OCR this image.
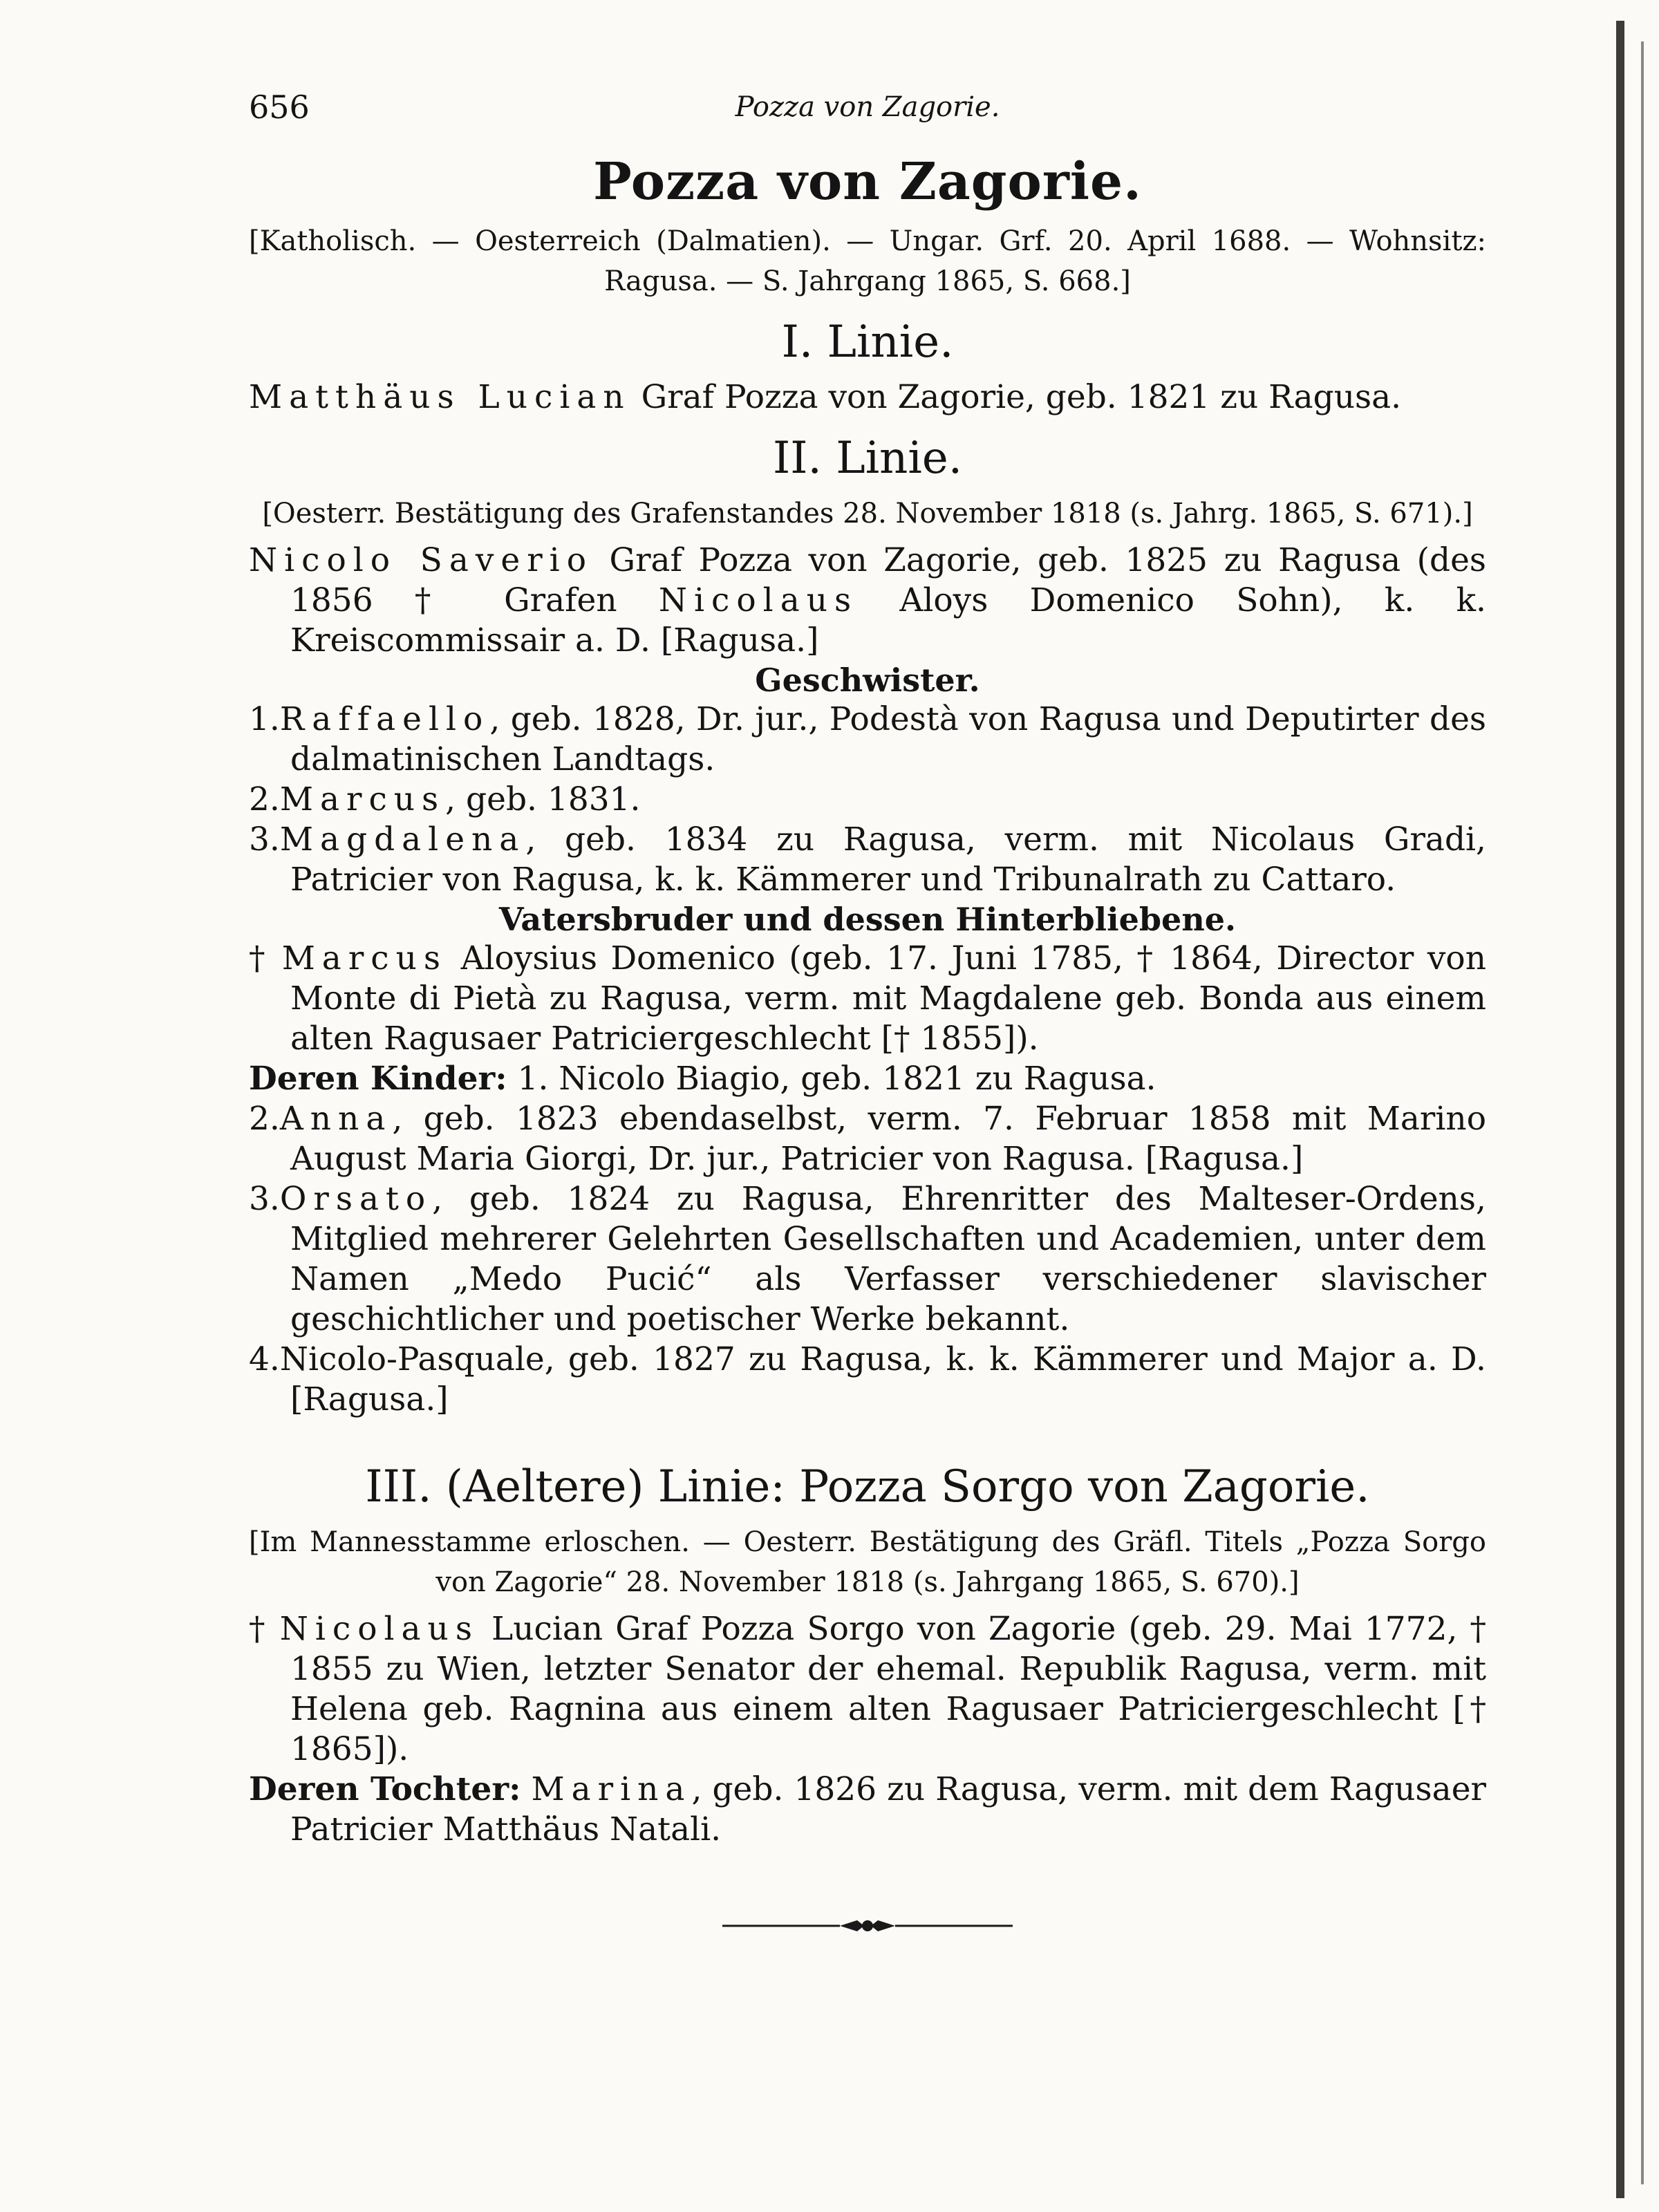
656	Pozza von Zagorie.
Pozza von Zagorie.

[Katholisch. — Oesterreich (Dalmatien). — Ungar. Grf. 20. April 1688. — Wohnsitz: Ragusa. — S. Jahrgang 1865, S. 668.]

I. Linie.

Matthäus Lucian Graf Pozza von Zagorie, geb. 1821 zu Ragusa.

II. Linie.

[Oesterr. Bestätigung des Grafenstandes 28. November 1818 (s. Jahrg. 1865, S. 671).]

Nicolo Saverio Graf Pozza von Zagorie, geb. 1825 zu Ragusa (des 1856 † Grafen Nicolaus Aloys Domenico Sohn), k. k. Kreiscommissair a. D. [Ragusa.]

Geschwister.

1.Raffaello, geb. 1828, Dr. jur., Podestà von Ragusa und Deputirter des dalmatinischen Landtags.

2.Marcus, geb. 1831.

3.Magdalena, geb. 1834 zu Ragusa, verm. mit Nicolaus Gradi, Patricier von Ragusa, k. k. Kämmerer und Tribunalrath zu Cattaro.

Vatersbruder und dessen Hinterbliebene.

† Marcus Aloysius Domenico (geb. 17. Juni 1785, † 1864, Director von Monte di Pietà zu Ragusa, verm. mit Magdalene geb. Bonda aus einem alten Ragusaer Patriciergeschlecht [† 1855]).

Deren Kinder: 1. Nicolo Biagio, geb. 1821 zu Ragusa.

2.Anna, geb. 1823 ebendaselbst, verm. 7. Februar 1858 mit Marino August Maria Giorgi, Dr. jur., Patricier von Ragusa. [Ragusa.]

3.Orsato, geb. 1824 zu Ragusa, Ehrenritter des Malteser-Ordens, Mitglied mehrerer Gelehrten Gesellschaften und Academien, unter dem Namen „Medo Pucić“ als Verfasser verschiedener slavischer geschichtlicher und poetischer Werke bekannt.

4.Nicolo-Pasquale, geb. 1827 zu Ragusa, k. k. Kämmerer und Major a. D. [Ragusa.]

III. (Aeltere) Linie: Pozza Sorgo von Zagorie.

[Im Mannesstamme erloschen. — Oesterr. Bestätigung des Gräfl. Titels „Pozza Sorgo von Zagorie“ 28. November 1818 (s. Jahrgang 1865, S. 670).]

† Nicolaus Lucian Graf Pozza Sorgo von Zagorie (geb. 29. Mai 1772, † 1855 zu Wien, letzter Senator der ehemal. Republik Ragusa, verm. mit Helena geb. Ragnina aus einem alten Ragusaer Patriciergeschlecht [† 1865]).

Deren Tochter: Marina, geb. 1826 zu Ragusa, verm. mit dem Ragusaer Patricier Matthäus Natali.
